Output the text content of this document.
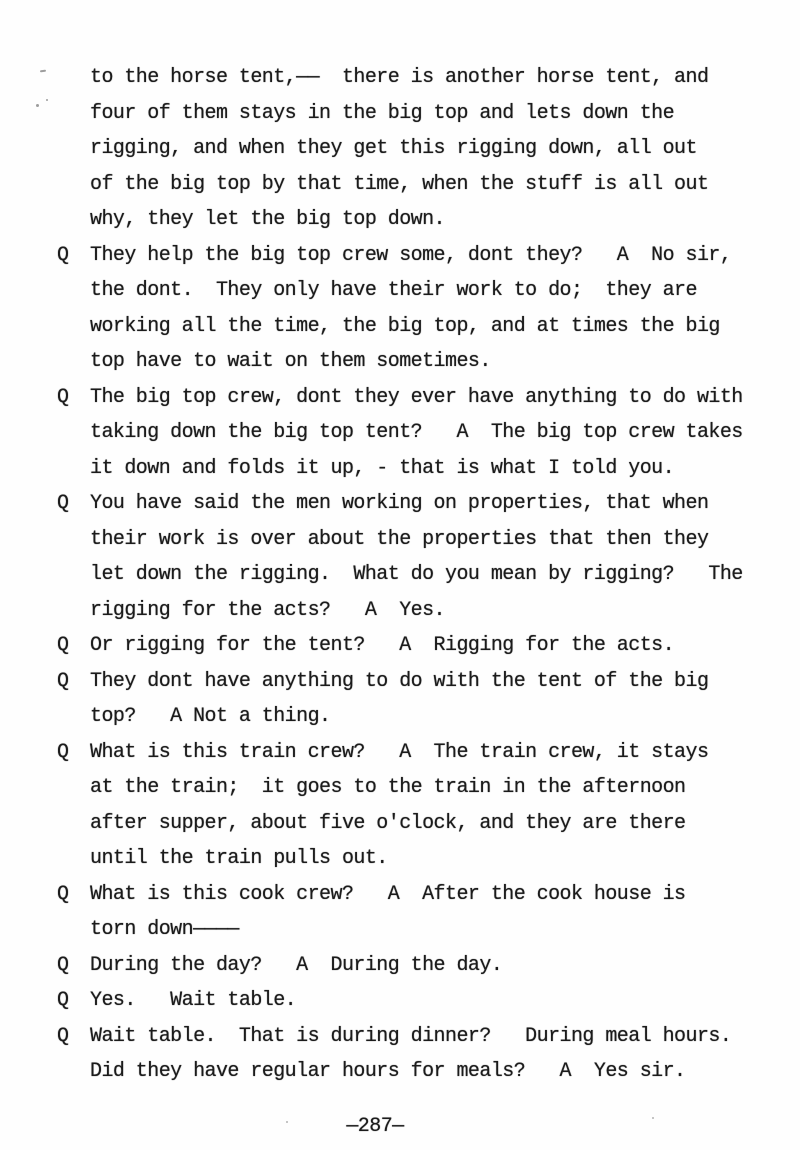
to the horse tent,——  there is another horse tent, and
four of them stays in the big top and lets down the
rigging, and when they get this rigging down, all out
of the big top by that time, when the stuff is all out
why, they let the big top down.
Q	They help the big top crew some, dont they?   A  No sir,
the dont.  They only have their work to do;  they are
working all the time, the big top, and at times the big
top have to wait on them sometimes.
Q	The big top crew, dont they ever have anything to do with
taking down the big top tent?   A  The big top crew takes
it down and folds it up, - that is what I told you.
Q	You have said the men working on properties, that when
their work is over about the properties that then they
let down the rigging.  What do you mean by rigging?   The
rigging for the acts?   A  Yes.
Q	Or rigging for the tent?   A  Rigging for the acts.
Q	They dont have anything to do with the tent of the big
top?   A Not a thing.
Q	What is this train crew?   A  The train crew, it stays
at the train;  it goes to the train in the afternoon
after supper, about five o'clock, and they are there
until the train pulls out.
Q	What is this cook crew?   A  After the cook house is
torn down————
Q	During the day?   A  During the day.
Q	Yes.   Wait table.
Q	Wait table.  That is during dinner?   During meal hours.
Did they have regular hours for meals?   A  Yes sir.
—287—
